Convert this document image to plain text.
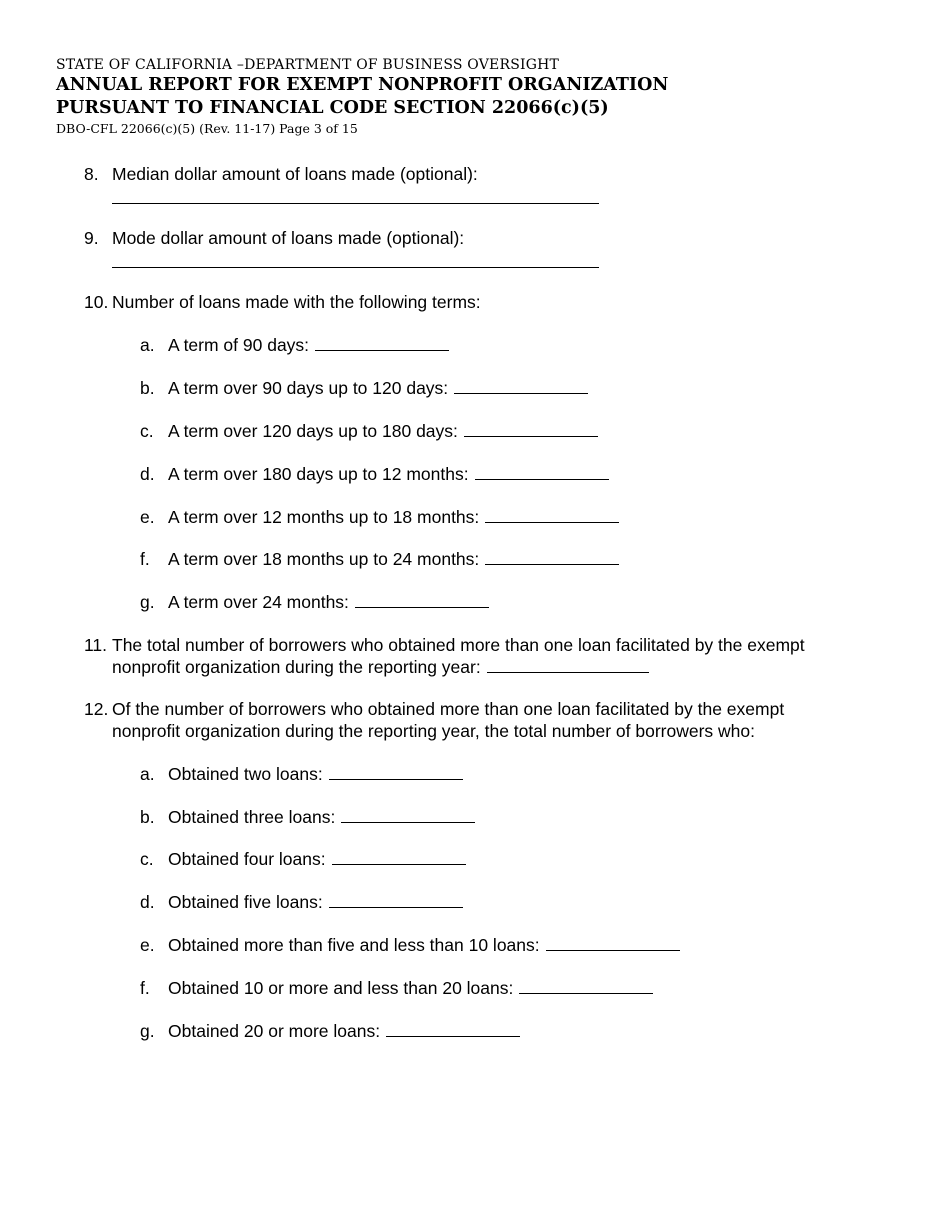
STATE OF CALIFORNIA –DEPARTMENT OF BUSINESS OVERSIGHT
ANNUAL REPORT FOR EXEMPT NONPROFIT ORGANIZATION
PURSUANT TO FINANCIAL CODE SECTION 22066(c)(5)
DBO-CFL 22066(c)(5) (Rev. 11-17) Page 3 of 15
8. Median dollar amount of loans made (optional):
9. Mode dollar amount of loans made (optional):
10. Number of loans made with the following terms:
a. A term of 90 days:
b. A term over 90 days up to 120 days:
c. A term over 120 days up to 180 days:
d. A term over 180 days up to 12 months:
e. A term over 12 months up to 18 months:
f. A term over 18 months up to 24 months:
g. A term over 24 months:
11. The total number of borrowers who obtained more than one loan facilitated by the exempt
nonprofit organization during the reporting year:
12. Of the number of borrowers who obtained more than one loan facilitated by the exempt
nonprofit organization during the reporting year, the total number of borrowers who:
a. Obtained two loans:
b. Obtained three loans:
c. Obtained four loans:
d. Obtained five loans:
e. Obtained more than five and less than 10 loans:
f. Obtained 10 or more and less than 20 loans:
g. Obtained 20 or more loans:
